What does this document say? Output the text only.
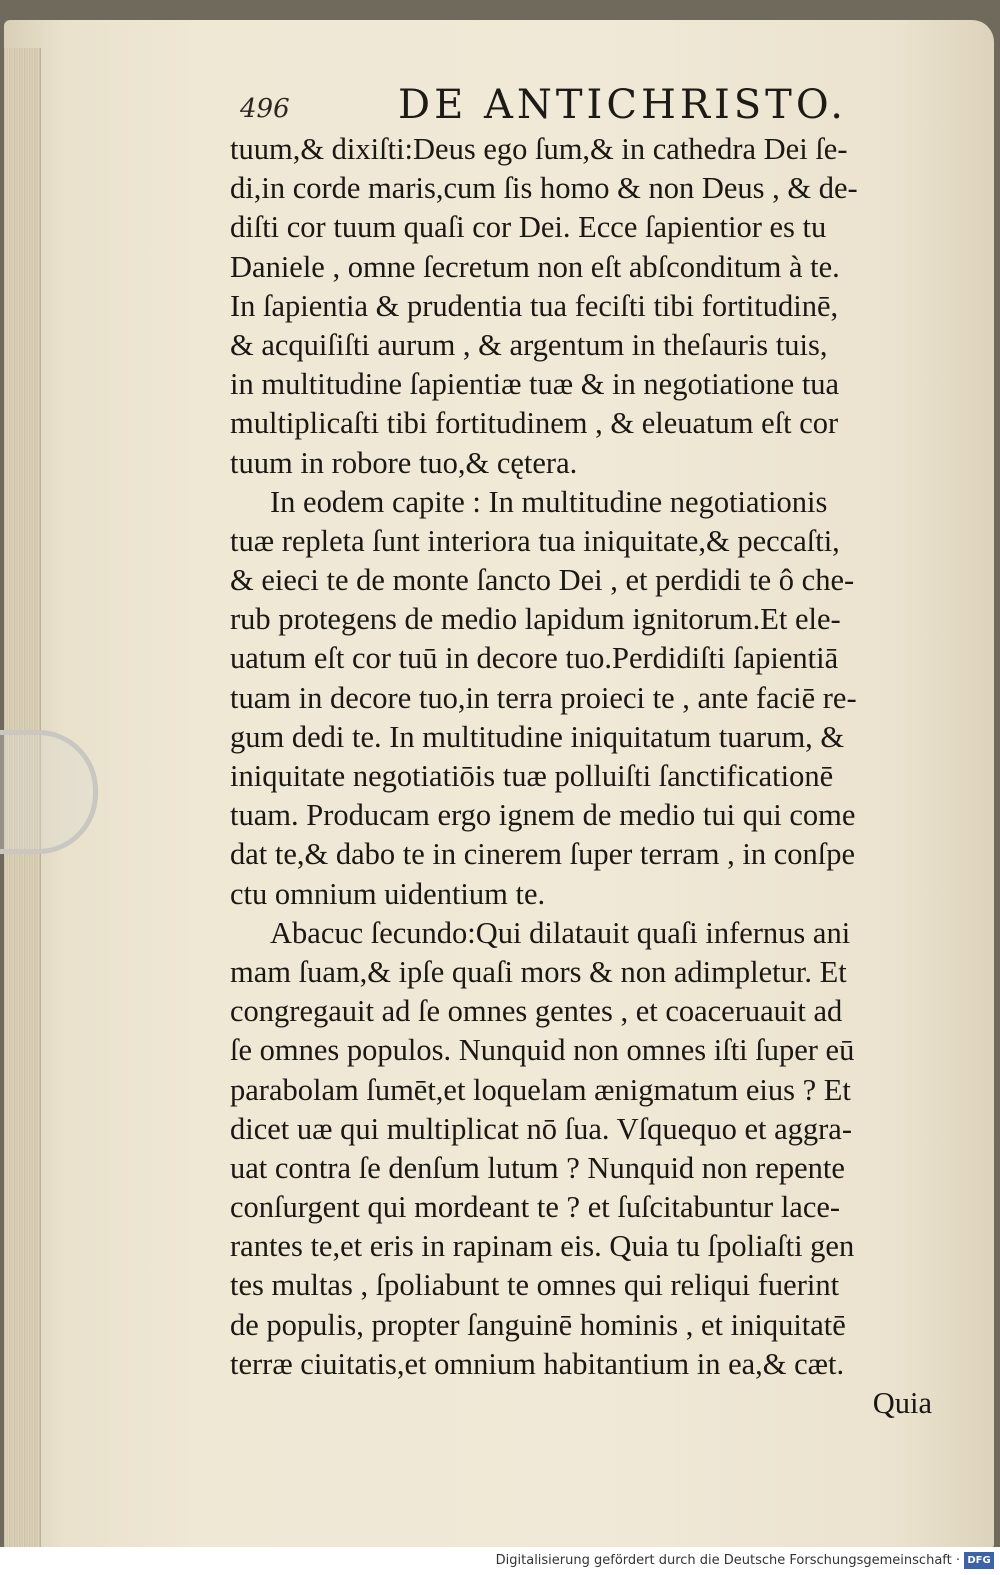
496	DE ANTICHRISTO.
tuum,& dixiſti:Deus ego ſum,& in cathedra Dei ſe-
di,in corde maris,cum ſis homo & non Deus , & de-
diſti cor tuum quaſi cor Dei. Ecce ſapientior es tu
Daniele , omne ſecretum non eſt abſconditum à te.
In ſapientia & prudentia tua feciſti tibi fortitudinē,
& acquiſiſti aurum , & argentum in theſauris tuis,
in multitudine ſapientiæ tuæ & in negotiatione tua
multiplicaſti tibi fortitudinem , & eleuatum eſt cor
tuum in robore tuo,& cętera.
In eodem capite : In multitudine negotiationis
tuæ repleta ſunt interiora tua iniquitate,& peccaſti,
& eieci te de monte ſancto Dei , et perdidi te ô che-
rub protegens de medio lapidum ignitorum.Et ele-
uatum eſt cor tuū in decore tuo.Perdidiſti ſapientiā
tuam in decore tuo,in terra proieci te , ante faciē re-
gum dedi te. In multitudine iniquitatum tuarum, &
iniquitate negotiatiōis tuæ polluiſti ſanctificationē
tuam. Producam ergo ignem de medio tui qui come
dat te,& dabo te in cinerem ſuper terram , in conſpe
ctu omnium uidentium te.
Abacuc ſecundo:Qui dilatauit quaſi infernus ani
mam ſuam,& ipſe quaſi mors & non adimpletur. Et
congregauit ad ſe omnes gentes , et coaceruauit ad
ſe omnes populos. Nunquid non omnes iſti ſuper eū
parabolam ſumēt,et loquelam ænigmatum eius ? Et
dicet uæ qui multiplicat nō ſua. Vſquequo et aggra-
uat contra ſe denſum lutum ? Nunquid non repente
conſurgent qui mordeant te ? et ſuſcitabuntur lace-
rantes te,et eris in rapinam eis. Quia tu ſpoliaſti gen
tes multas , ſpoliabunt te omnes qui reliqui fuerint
de populis, propter ſanguinē hominis , et iniquitatē
terræ ciuitatis,et omnium habitantium in ea,& cæt.
Quia
Digitalisierung gefördert durch die Deutsche Forschungsgemeinschaft · DFG
